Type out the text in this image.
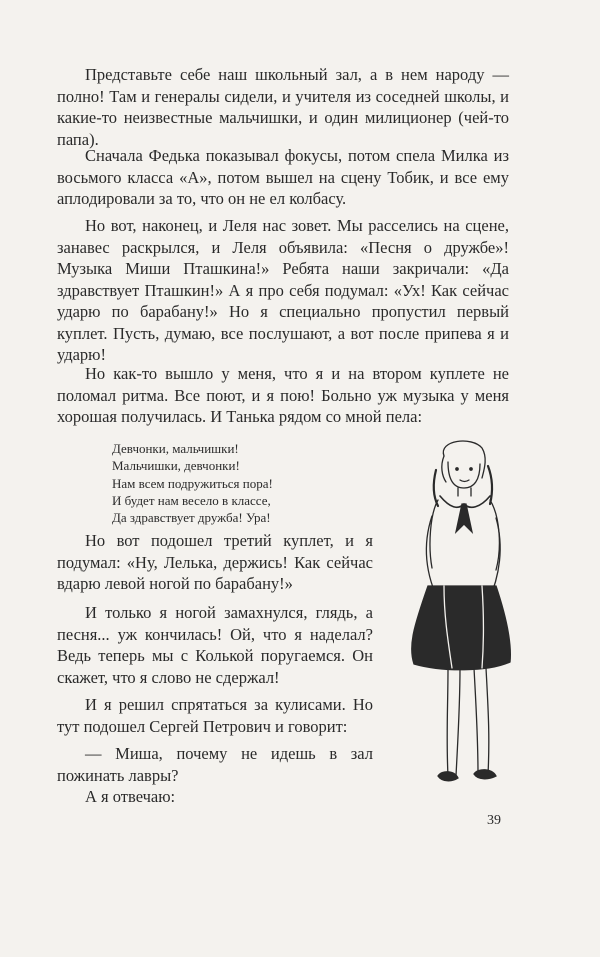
Представьте себе наш школьный зал, а в нем народу — полно! Там и генералы сидели, и учителя из соседней школы, и какие-то неизвестные мальчишки, и один милиционер (чей-то папа).

Сначала Федька показывал фокусы, потом спела Милка из восьмого класса «А», потом вышел на сцену Тобик, и все ему аплодировали за то, что он не ел колбасу.

Но вот, наконец, и Леля нас зовет. Мы расселись на сцене, занавес раскрылся, и Леля объявила: «Песня о дружбе»! Музыка Миши Пташкина!» Ребята наши закричали: «Да здравствует Пташкин!» А я про себя подумал: «Ух! Как сейчас ударю по барабану!» Но я специально пропустил первый куплет. Пусть, думаю, все послушают, а вот после припева я и ударю!

Но как-то вышло у меня, что я и на втором куплете не поломал ритма. Все поют, и я пою! Больно уж музыка у меня хорошая получилась. И Танька рядом со мной пела:

Девчонки, мальчишки!
Мальчишки, девчонки!
Нам всем подружиться пора!
И будет нам весело в классе,
Да здравствует дружба! Ура!

Но вот подошел третий куплет, и я подумал: «Ну, Лелька, держись! Как сейчас вдарю левой ногой по барабану!»

И только я ногой замахнулся, глядь, а песня... уж кончилась! Ой, что я наделал? Ведь теперь мы с Колькой поругаемся. Он скажет, что я слово не сдержал!

И я решил спрятаться за кулисами. Но тут подошел Сергей Петрович и говорит:

— Миша, почему не идешь в зал пожинать лавры?

А я отвечаю:

39
